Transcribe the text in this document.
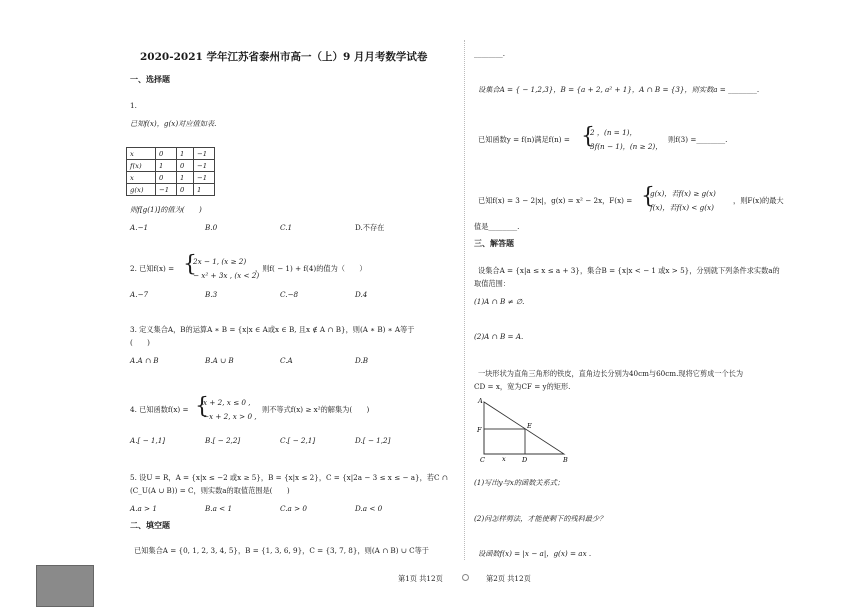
2020-2021 学年江苏省泰州市高一（上）9 月月考数学试卷
一、选择题
1.
已知f(x)，g(x)对应值如表.
x	0	1	−1
f(x)	1	0	−1
x	0	1	−1
g(x)	−1	0	1
则f[g(1)]的值为(　　)
A.−1	B.0	C.1	D.不存在
2. 已知f(x) = {
2x − 1, (x ≥ 2)
− x² + 3x , (x < 2)
，则f( − 1) + f(4)的值为（　　）
A.−7	B.3	C.−8	D.4
3. 定义集合A，B的运算A ∗ B = {x|x ∈ A或x ∈ B, 且x ∉ A ∩ B}，则(A ∗ B) ∗ A等于
(　　)
A.A ∩ B	B.A ∪ B	C.A	D.B
4. 已知函数f(x) = {
x + 2, x ≤ 0 ,
−x + 2, x > 0 ,
则不等式f(x) ≥ x²的解集为(　　)
A.[ − 1,1]	B.[ − 2,2]	C.[ − 2,1]	D.[ − 1,2]
5. 设U = R，A = {x|x ≤ −2 或x ≥ 5}，B = {x|x ≤ 2}，C = {x|2a − 3 ≤ x ≤ − a}，若C ∩
(C_U(A ∪ B)) = C，则实数a的取值范围是(　　)
A.a > 1	B.a < 1	C.a > 0	D.a < 0
二、填空题
已知集合A = {0, 1, 2, 3, 4, 5}，B = {1, 3, 6, 9}，C = {3, 7, 8}，则(A ∩ B) ∪ C等于
________.
设集合A = { − 1,2,3}，B = {a + 2, a² + 1}，A ∩ B = {3}，则实数a = ________.
已知函数y = f(n)满足f(n) = {
2 ，(n = 1)，
3f(n − 1)，(n ≥ 2)，
则f(3) =________.
已知f(x) = 3 − 2|x|，g(x) = x² − 2x，F(x) = {
g(x)，若f(x) ≥ g(x)
f(x)，若f(x) < g(x)
，则F(x)的最大
值是________.
三、解答题
设集合A = {x|a ≤ x ≤ a + 3}，集合B = {x|x < − 1 或x > 5}，分别就下列条件求实数a的
取值范围：
(1)A ∩ B ≠ ∅.
(2)A ∩ B = A.
一块形状为直角三角形的铁皮，直角边长分别为40cm与60cm.现将它剪成一个长为
CD = x，宽为CF = y的矩形.
A
F	E
C	x	D	B
(1)写出y与x的函数关系式；
(2)问怎样剪法，才能使剩下的残料最少？
设函数f(x) = |x − a|，g(x) = ax .
第1页 共12页	第2页 共12页
